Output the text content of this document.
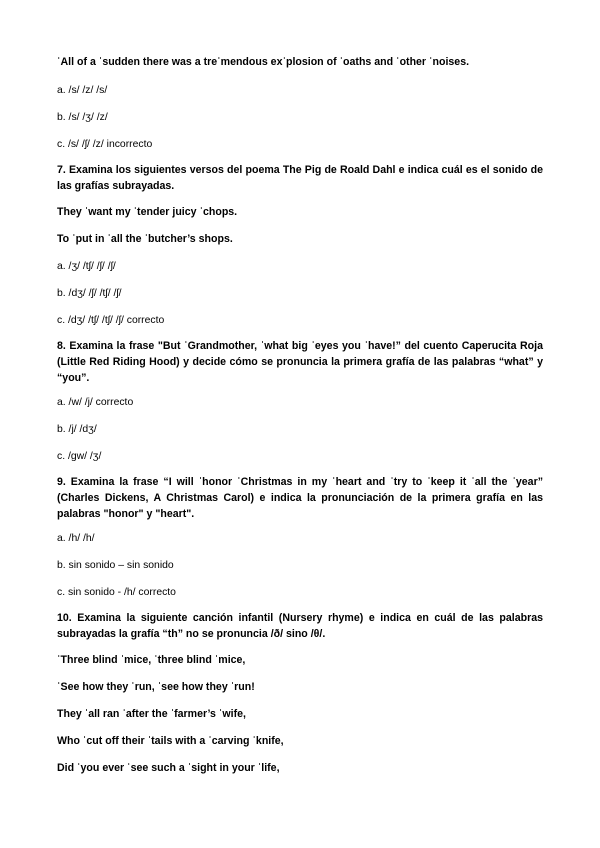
ˈAll of a ˈsudden there was a treˈmendous exˈplosion of ˈoaths and ˈother ˈnoises.
a. /s/ /z/ /s/
b. /s/ /ʒ/ /z/
c. /s/ /ʃ/ /z/ incorrecto
7. Examina los siguientes versos del poema The Pig de Roald Dahl e indica cuál es el sonido de las grafías subrayadas.
They ˈwant my ˈtender juicy ˈchops.
To ˈput in ˈall the ˈbutcher’s shops.
a. /ʒ/ /tʃ/ /ʃ/ /ʃ/
b. /dʒ/ /ʃ/ /tʃ/ /ʃ/
c. /dʒ/ /tʃ/ /tʃ/ /ʃ/ correcto
8. Examina la frase "But ˈGrandmother, ˈwhat big ˈeyes you ˈhave!” del cuento Caperucita Roja (Little Red Riding Hood) y decide cómo se pronuncia la primera grafía de las palabras “what” y “you”.
a. /w/ /j/ correcto
b. /j/ /dʒ/
c. /gw/ /ʒ/
9. Examina la frase “I will ˈhonor ˈChristmas in my ˈheart and ˈtry to ˈkeep it ˈall the ˈyear” (Charles Dickens, A Christmas Carol) e indica la pronunciación de la primera grafía en las palabras "honor" y "heart".
a. /h/ /h/
b. sin sonido – sin sonido
c. sin sonido - /h/ correcto
10. Examina la siguiente canción infantil (Nursery rhyme) e indica en cuál de las palabras subrayadas la grafía “th” no se pronuncia /ð/ sino /θ/.
ˈThree blind ˈmice, ˈthree blind ˈmice,
ˈSee how they ˈrun, ˈsee how they ˈrun!
They ˈall ran ˈafter the ˈfarmer’s ˈwife,
Who ˈcut off their ˈtails with a ˈcarving ˈknife,
Did ˈyou ever ˈsee such a ˈsight in your ˈlife,
